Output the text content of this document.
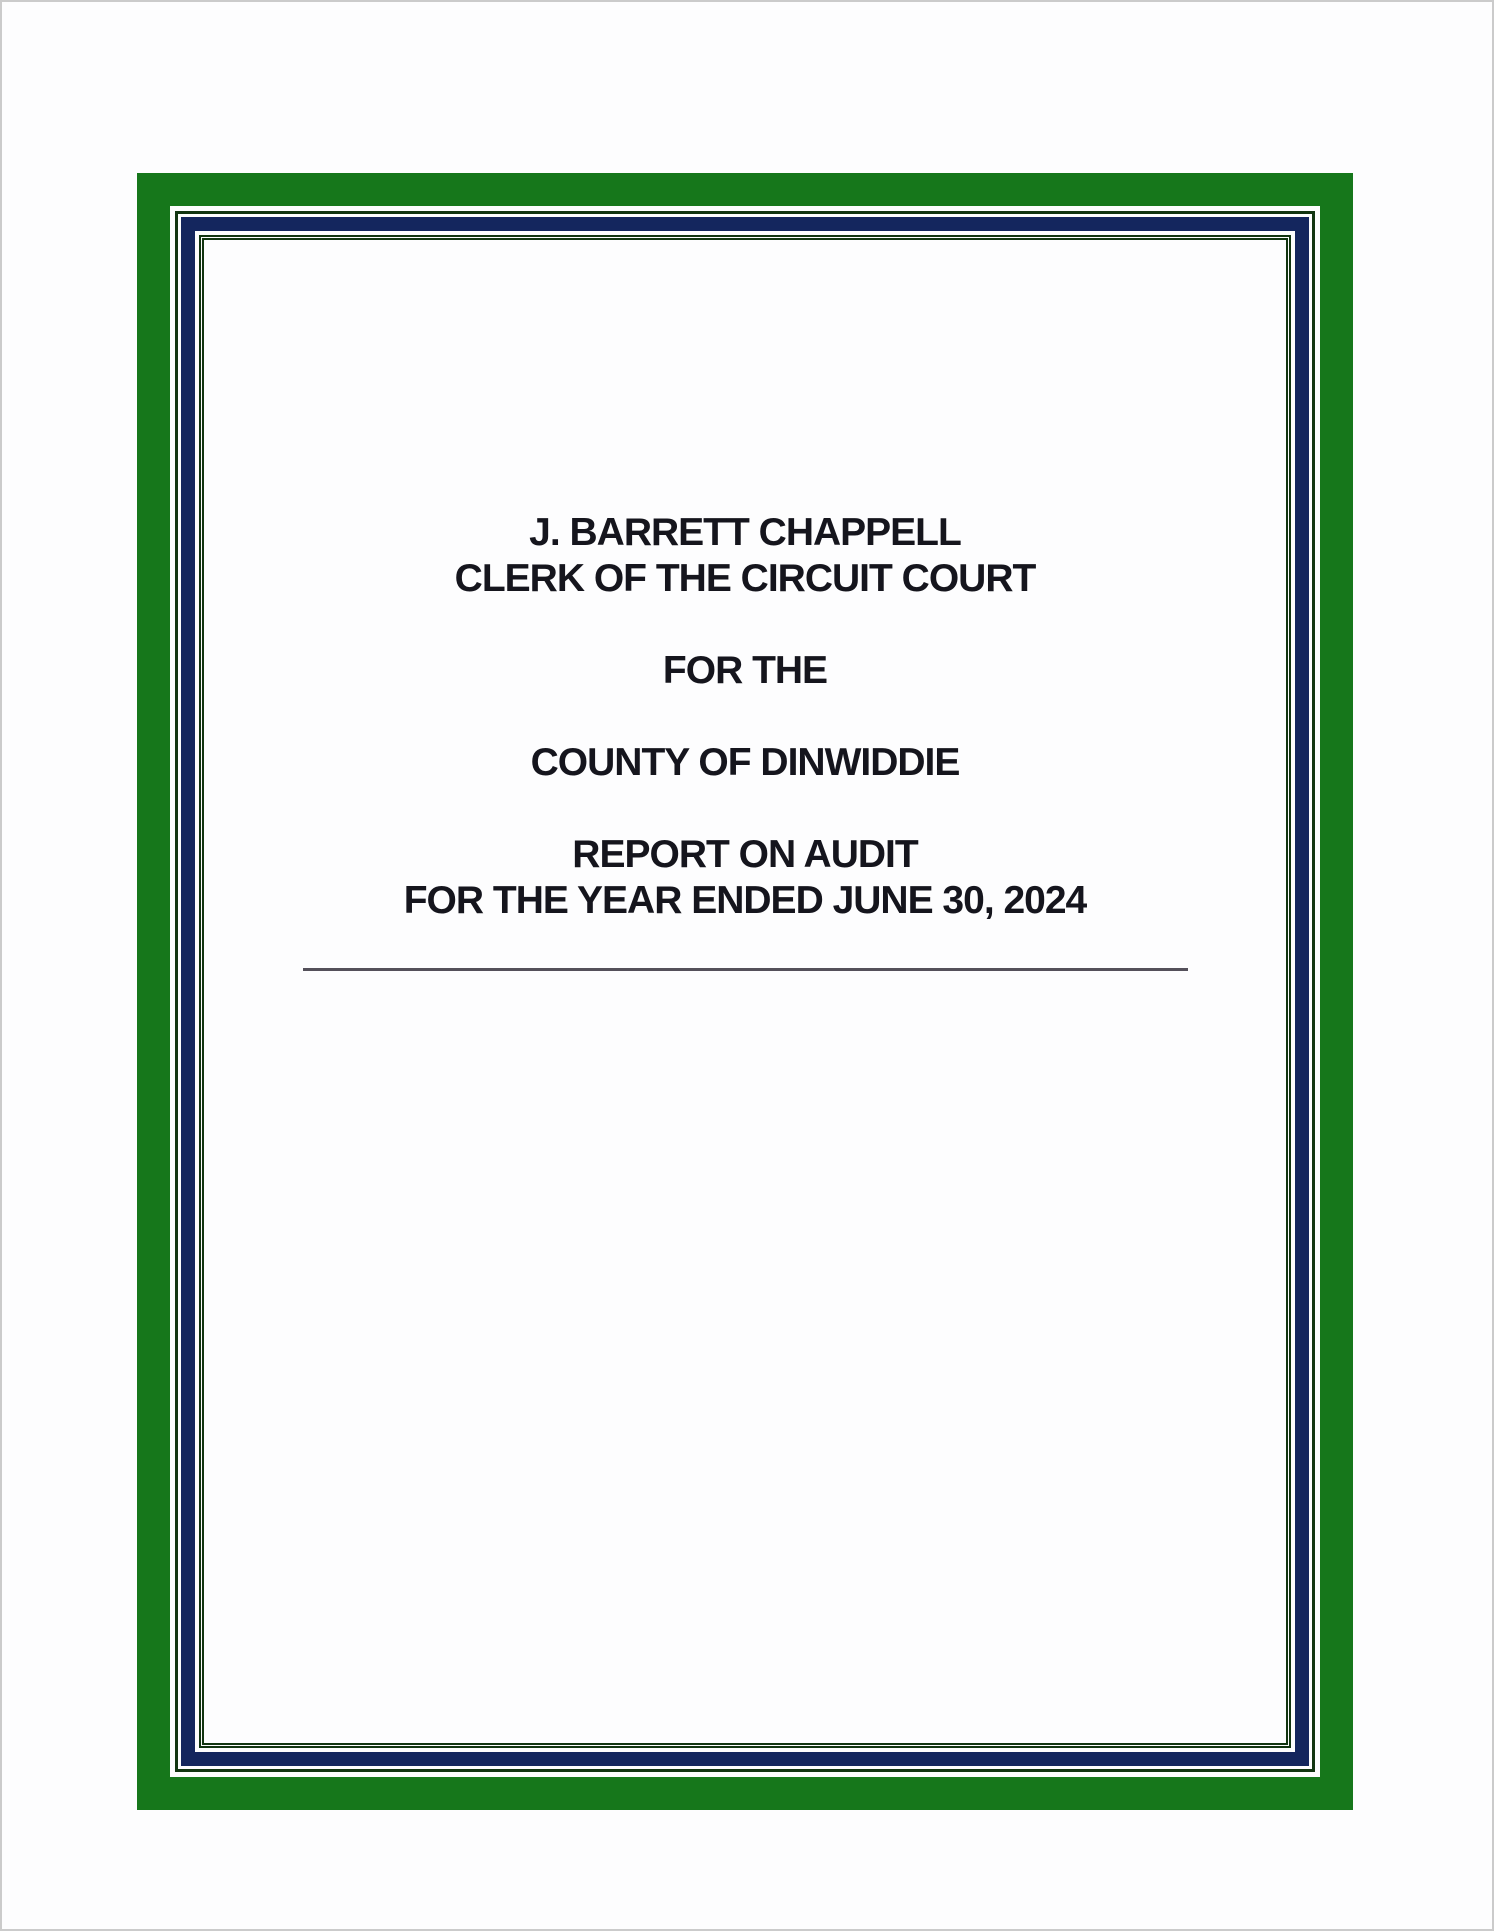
J. BARRETT CHAPPELL
CLERK OF THE CIRCUIT COURT
FOR THE
COUNTY OF DINWIDDIE
REPORT ON AUDIT
FOR THE YEAR ENDED JUNE 30, 2024
